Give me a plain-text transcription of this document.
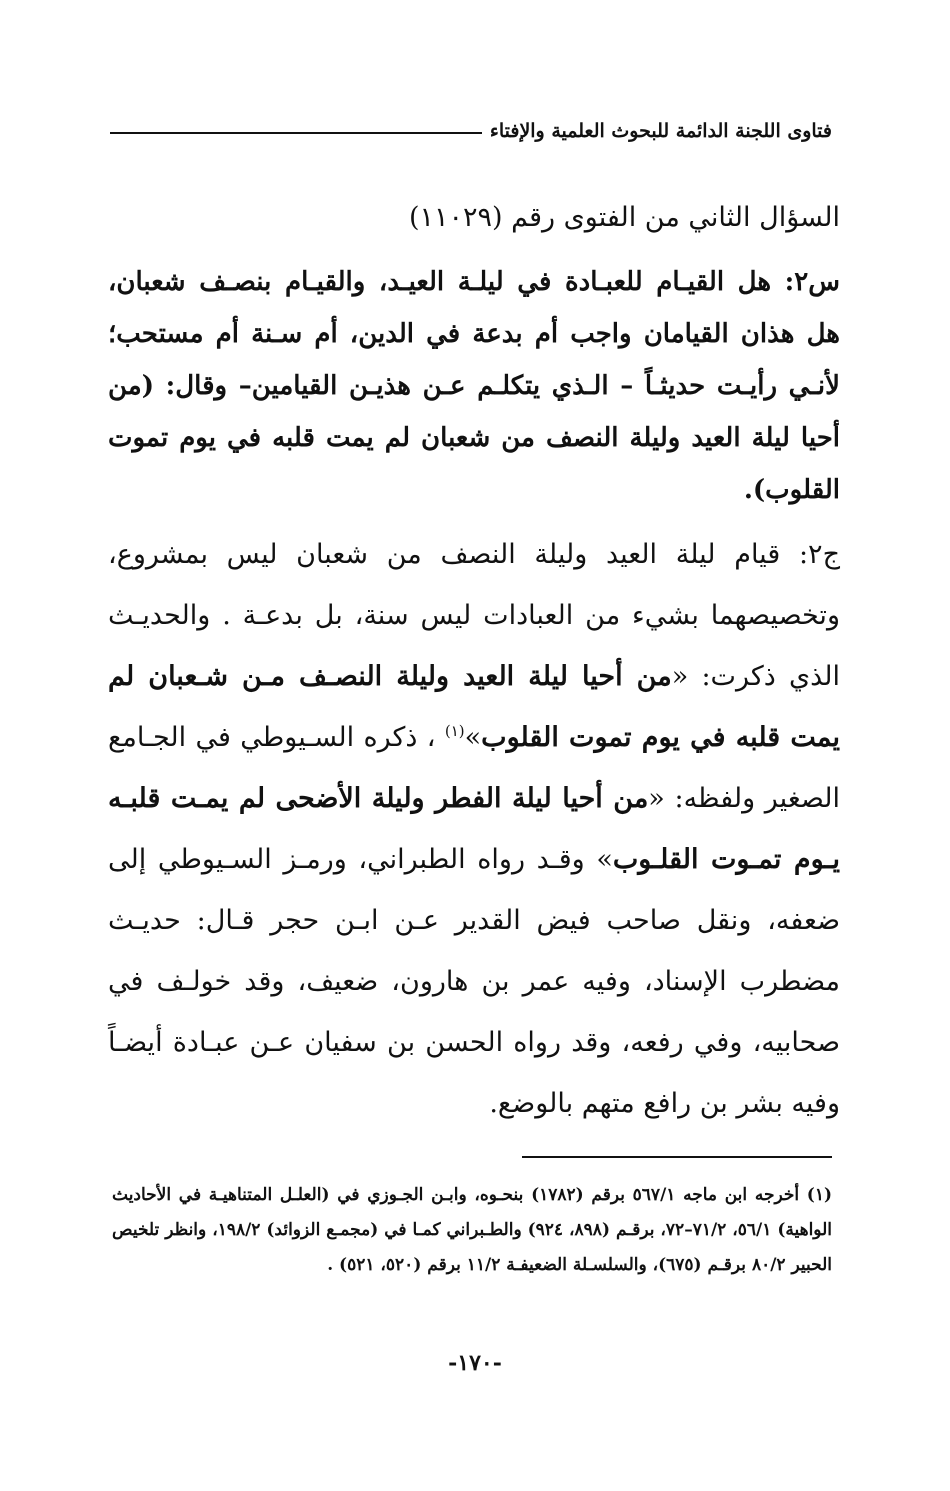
فتاوى اللجنة الدائمة للبحوث العلمية والإفتاء

السؤال الثاني من الفتوى رقم (١١٠٢٩)

س٢: هل القيـام للعبـادة في ليلـة العيـد، والقيـام بنصـف شعبان، هل هذان القيامان واجب أم بدعة في الدين، أم سـنة أم مستحب؛ لأنـي رأيـت حديثـاً – الـذي يتكلـم عـن هذيـن القيامين– وقال: (من أحيا ليلة العيد وليلة النصف من شعبان لم يمت قلبه في يوم تموت القلوب).

ج٢: قيام ليلة العيد وليلة النصف من شعبان ليس بمشروع، وتخصيصهما بشيء من العبادات ليس سنة، بل بدعـة . والحديـث الذي ذكرت: «من أحيا ليلة العيد وليلة النصـف مـن شـعبان لم يمت قلبه في يوم تموت القلوب»$^{(١)}$ ، ذكره السـيوطي في الجـامع الصغير ولفظه: «من أحيا ليلة الفطر وليلة الأضحى لم يمـت قلبـه يـوم تمـوت القلـوب» وقـد رواه الطبراني، ورمـز السـيوطي إلى ضعفه، ونقل صاحب فيض القدير عـن ابـن حجر قـال: حديـث مضطرب الإسناد، وفيه عمر بن هارون، ضعيف، وقد خولـف في صحابيه، وفي رفعه، وقد رواه الحسن بن سفيان عـن عبـادة أيضـاً وفيه بشر بن رافع متهم بالوضع.

(١) أخرجه ابن ماجه ٥٦٧/١ برقم (١٧٨٢) بنحـوه، وابـن الجـوزي في (العلـل المتناهيـة في الأحاديث الواهية) ٥٦/١، ٧١/٢–٧٢، برقـم (٨٩٨، ٩٢٤) والطـبراني كمـا في (مجمـع الزوائد) ١٩٨/٢، وانظر تلخيص الحبير ٨٠/٢ برقـم (٦٧٥)، والسلسـلة الضعيفـة ١١/٢ برقم (٥٢٠، ٥٢١) .

-١٧٠-
